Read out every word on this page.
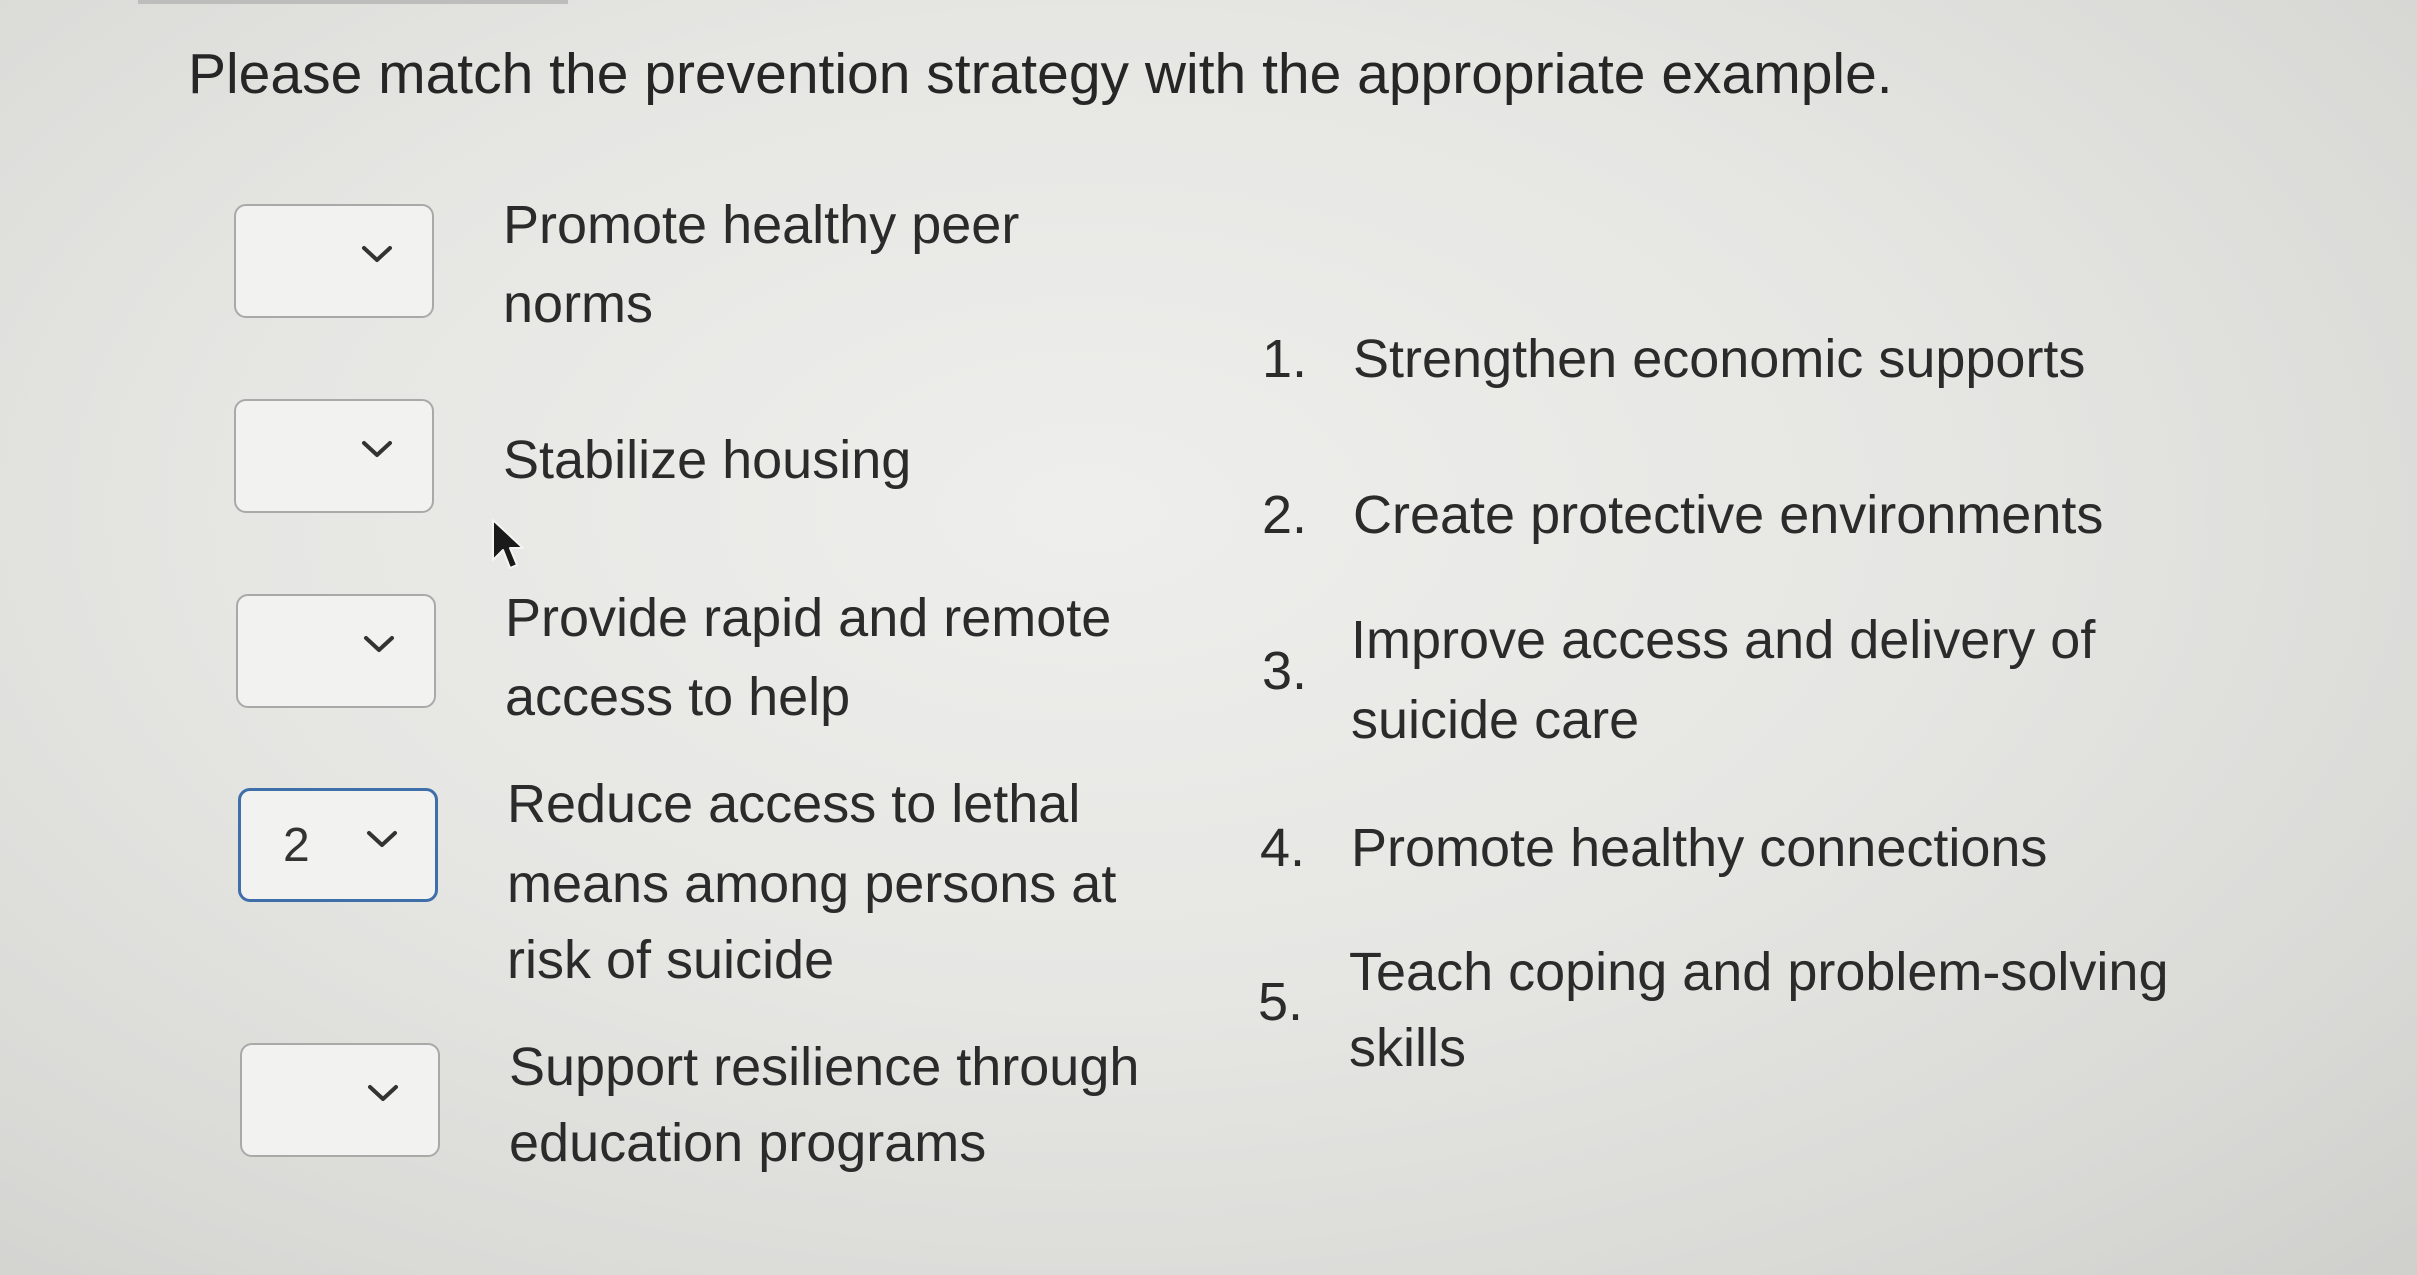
Please match the prevention strategy with the appropriate example.
Promote healthy peer
norms
Stabilize housing
Provide rapid and remote
access to help
2
Reduce access to lethal
means among persons at
risk of suicide
Support resilience through
education programs
1. Strengthen economic supports
2. Create protective environments
3.
Improve access and delivery of
suicide care
4. Promote healthy connections
5. Teach coping and problem-solving
skills
